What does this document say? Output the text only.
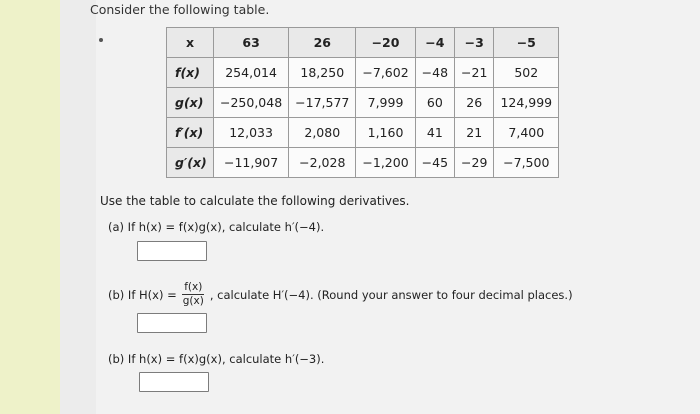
Consider the following table.
x	63	26	−20	−4	−3	−5
f(x)	254,014	18,250	−7,602	−48	−21	502
g(x)	−250,048	−17,577	7,999	60	26	124,999
f′(x)	12,033	2,080	1,160	41	21	7,400
g′(x)	−11,907	−2,028	−1,200	−45	−29	−7,500
Use the table to calculate the following derivatives.
(a) If h(x) = f(x)g(x), calculate h′(−4).
(b) If $H(x) = \frac{f(x)}{g(x)}$ , calculate H′(−4). (Round your answer to four decimal places.)
(b) If h(x) = f(x)g(x), calculate h′(−3).
